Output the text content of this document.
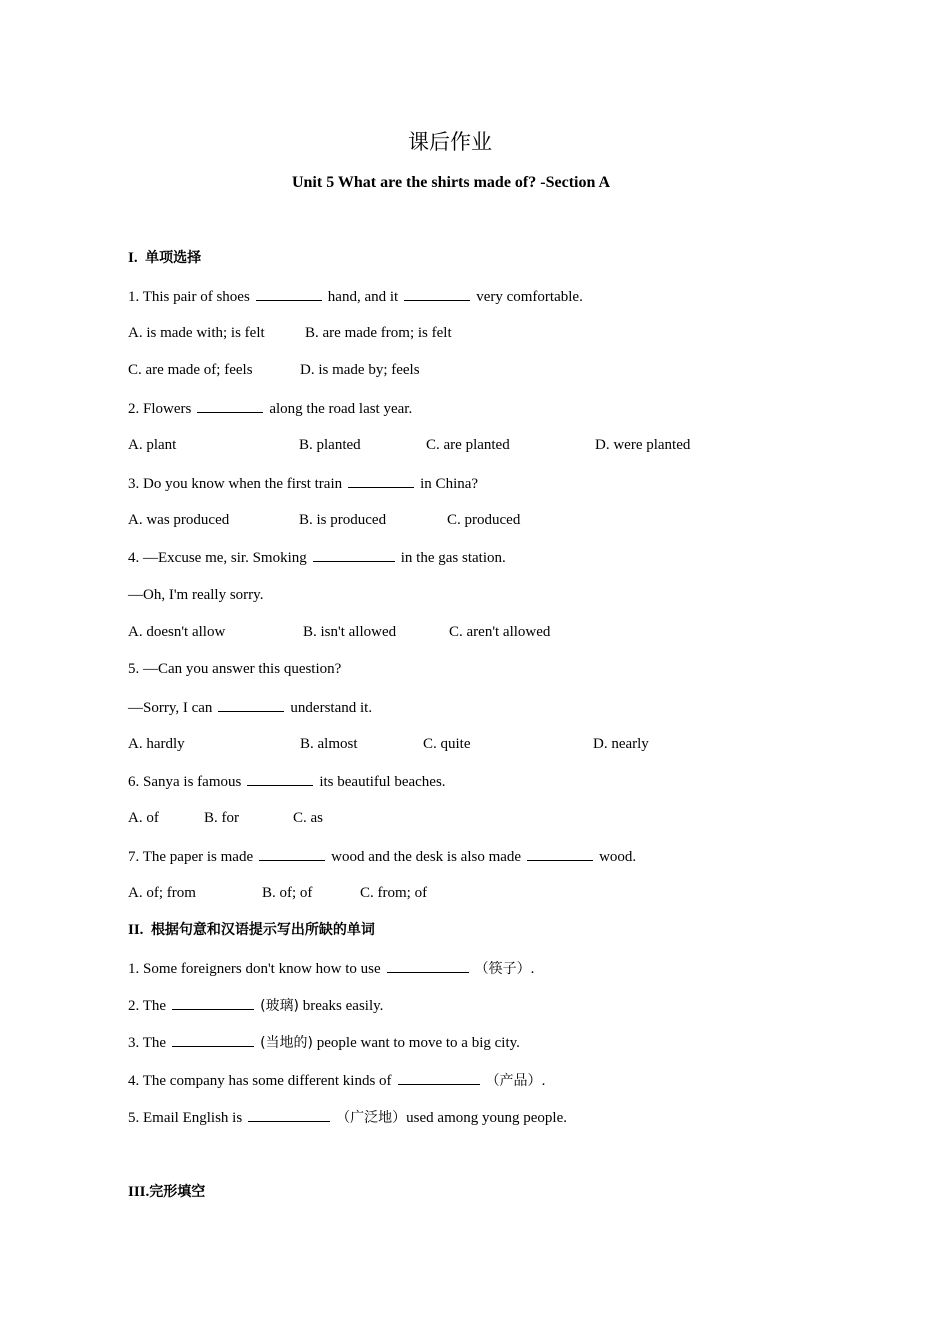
课后作业
Unit 5 What are the shirts made of? -Section A
I. 单项选择
1. This pair of shoes	hand, and it	very comfortable.
A. is made with; is felt	B. are made from; is felt
C. are made of; feels	D. is made by; feels
2. Flowers	along the road last year.
A. plant	B. planted	C. are planted	D. were planted
3. Do you know when the first train	in China?
A. was produced	B. is produced	C. produced
4. —Excuse me, sir. Smoking	in the gas station.
—Oh, I'm really sorry.
A. doesn't allow	B. isn't allowed	C. aren't allowed
5. —Can you answer this question?
—Sorry, I can	understand it.
A. hardly	B. almost	C. quite	D. nearly
6. Sanya is famous	its beautiful beaches.
A. of	B. for	C. as
7. The paper is made	wood and the desk is also made	wood.
A. of; from	B. of; of	C. from; of
II. 根据句意和汉语提示写出所缺的单词
1. Some foreigners don't know how to use	（筷子）.
2. The	(玻璃) breaks easily.
3. The	(当地的) people want to move to a big city.
4. The company has some different kinds of	（产品）.
5. Email English is	（广泛地）used among young people.
III.完形填空
